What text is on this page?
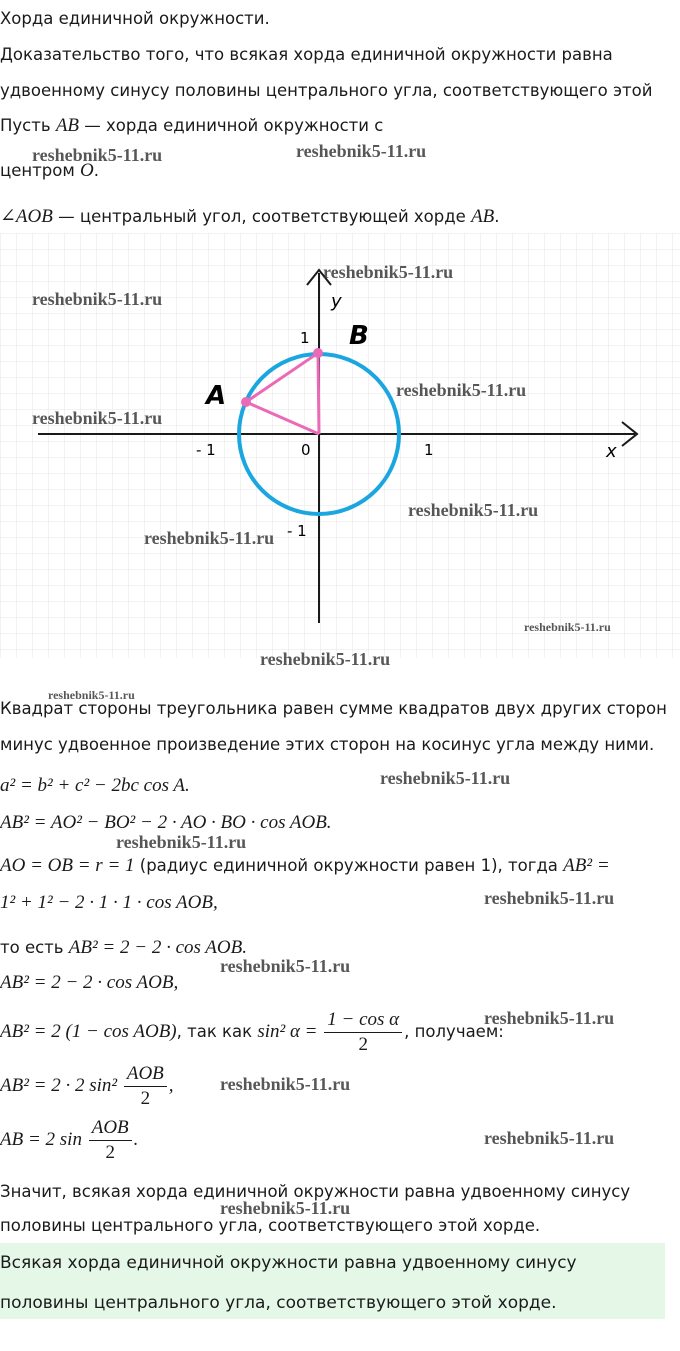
Хорда единичной окружности.
Доказательство того, что всякая хорда единичной окружности равна
удвоенному синусу половины центрального угла, соответствующего этой
Пусть AB — хорда единичной окружности с
центром O.
∠AOB — центральный угол, соответствующей хорде AB.
y
x
1
- 1	0	1
- 1
A
B
Квадрат стороны треугольника равен сумме квадратов двух других сторон
минус удвоенное произведение этих сторон на косинус угла между ними.
a² = b² + c² − 2bc cos A.
AB² = AO² − BO² − 2 · AO · BO · cos AOB.
AO = OB = r = 1 (радиус единичной окружности равен 1), тогда AB² =
1² + 1² − 2 · 1 · 1 · cos AOB,
то есть AB² = 2 − 2 · cos AOB.
AB² = 2 − 2 · cos AOB,
AB² = 2 (1 − cos AOB), так как sin² $\alpha = \frac{\text{1 − cos α}}{2}$ , получаем:
AB² = 2 · 2 $\sin^2 \frac{\text{AOB}}{2}$ ,
AB = 2 $\sin \frac{\text{AOB}}{2}$ .
Значит, всякая хорда единичной окружности равна удвоенному синусу
половины центрального угла, соответствующего этой хорде.
Всякая хорда единичной окружности равна удвоенному синусу
половины центрального угла, соответствующего этой хорде.
reshebnik5-11.ru	reshebnik5-11.ru
reshebnik5-11.ru
reshebnik5-11.ru
reshebnik5-11.ru
reshebnik5-11.ru
reshebnik5-11.ru
reshebnik5-11.ru
reshebnik5-11.ru
reshebnik5-11.ru
reshebnik5-11.ru
reshebnik5-11.ru
reshebnik5-11.ru
reshebnik5-11.ru
reshebnik5-11.ru
reshebnik5-11.ru
reshebnik5-11.ru
reshebnik5-11.ru
reshebnik5-11.ru
